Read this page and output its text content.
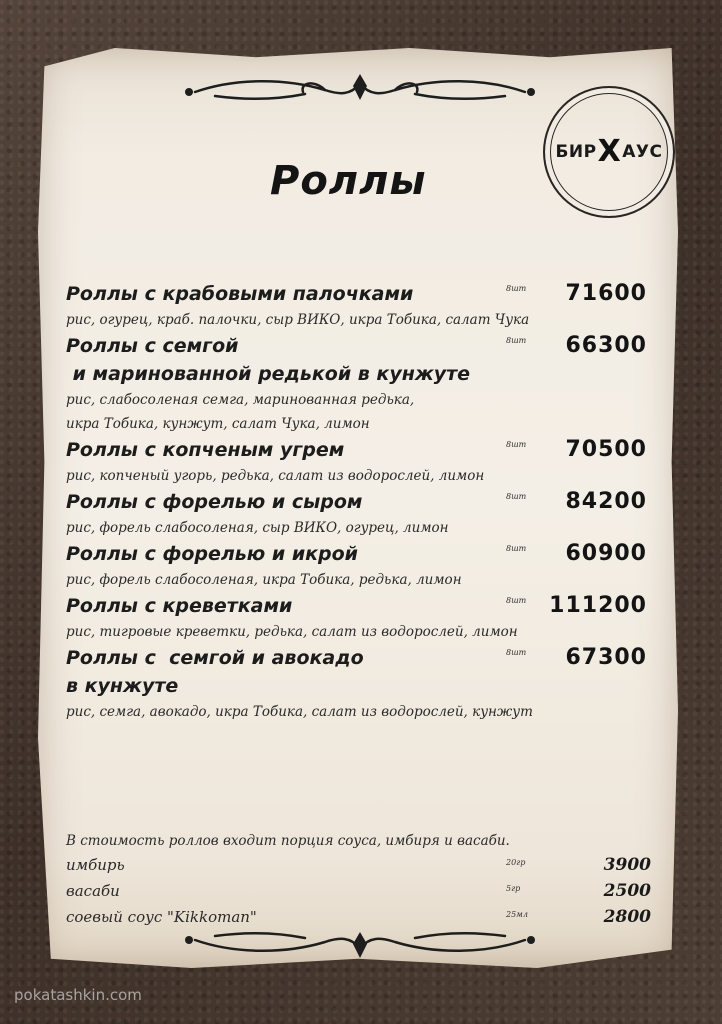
БИР Х АУС
Роллы
Роллы с крабовыми палочками	8шт 71600
рис, огурец, краб. палочки, сыр ВИКО, икра Тобика, салат Чука
Роллы с семгой	8шт 66300
и маринованной редькой в кунжуте
рис, слабосоленая семга, маринованная редька,
икра Тобика, кунжут, салат Чука, лимон
Роллы с копченым угрем	8шт 70500
рис, копченый угорь, редька, салат из водорослей, лимон
Роллы с форелью и сыром	8шт 84200
рис, форель слабосоленая, сыр ВИКО, огурец, лимон
Роллы с форелью и икрой	8шт 60900
рис, форель слабосоленая, икра Тобика, редька, лимон
Роллы с креветками	8шт 111200
рис, тигровые креветки, редька, салат из водорослей, лимон
Роллы с  семгой и авокадо	8шт 67300
в кунжуте
рис, семга, авокадо, икра Тобика, салат из водорослей, кунжут
В стоимость роллов входит порция соуса, имбиря и васаби.
имбирь	20гр	3900
васаби	5гр	2500
соевый соус "Kikkoman"	25мл	2800
pokatashkin.com
